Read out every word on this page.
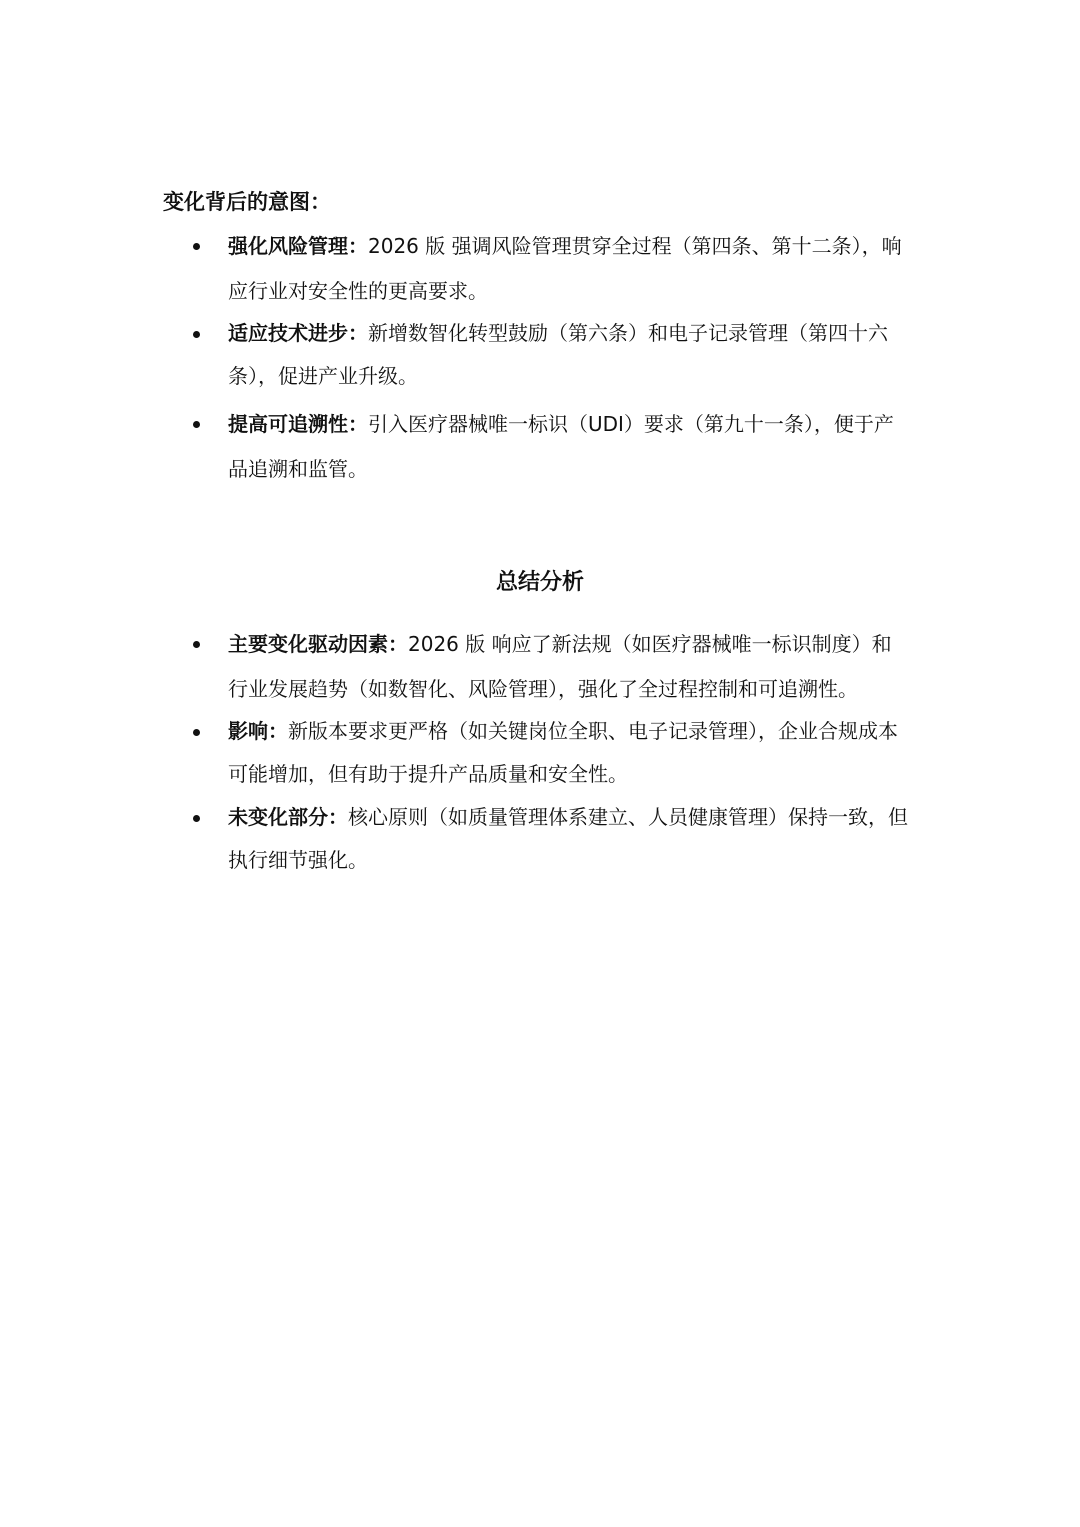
变化背后的意图：
强化风险管理：2026 版 强调风险管理贯穿全过程（第四条、第十二条），响应行业对安全性的更高要求。
适应技术进步：新增数智化转型鼓励（第六条）和电子记录管理（第四十六条），促进产业升级。
提高可追溯性：引入医疗器械唯一标识（UDI）要求（第九十一条），便于产品追溯和监管。
总结分析
主要变化驱动因素：2026 版 响应了新法规（如医疗器械唯一标识制度）和行业发展趋势（如数智化、风险管理），强化了全过程控制和可追溯性。
影响：新版本要求更严格（如关键岗位全职、电子记录管理），企业合规成本可能增加，但有助于提升产品质量和安全性。
未变化部分：核心原则（如质量管理体系建立、人员健康管理）保持一致，但执行细节强化。
